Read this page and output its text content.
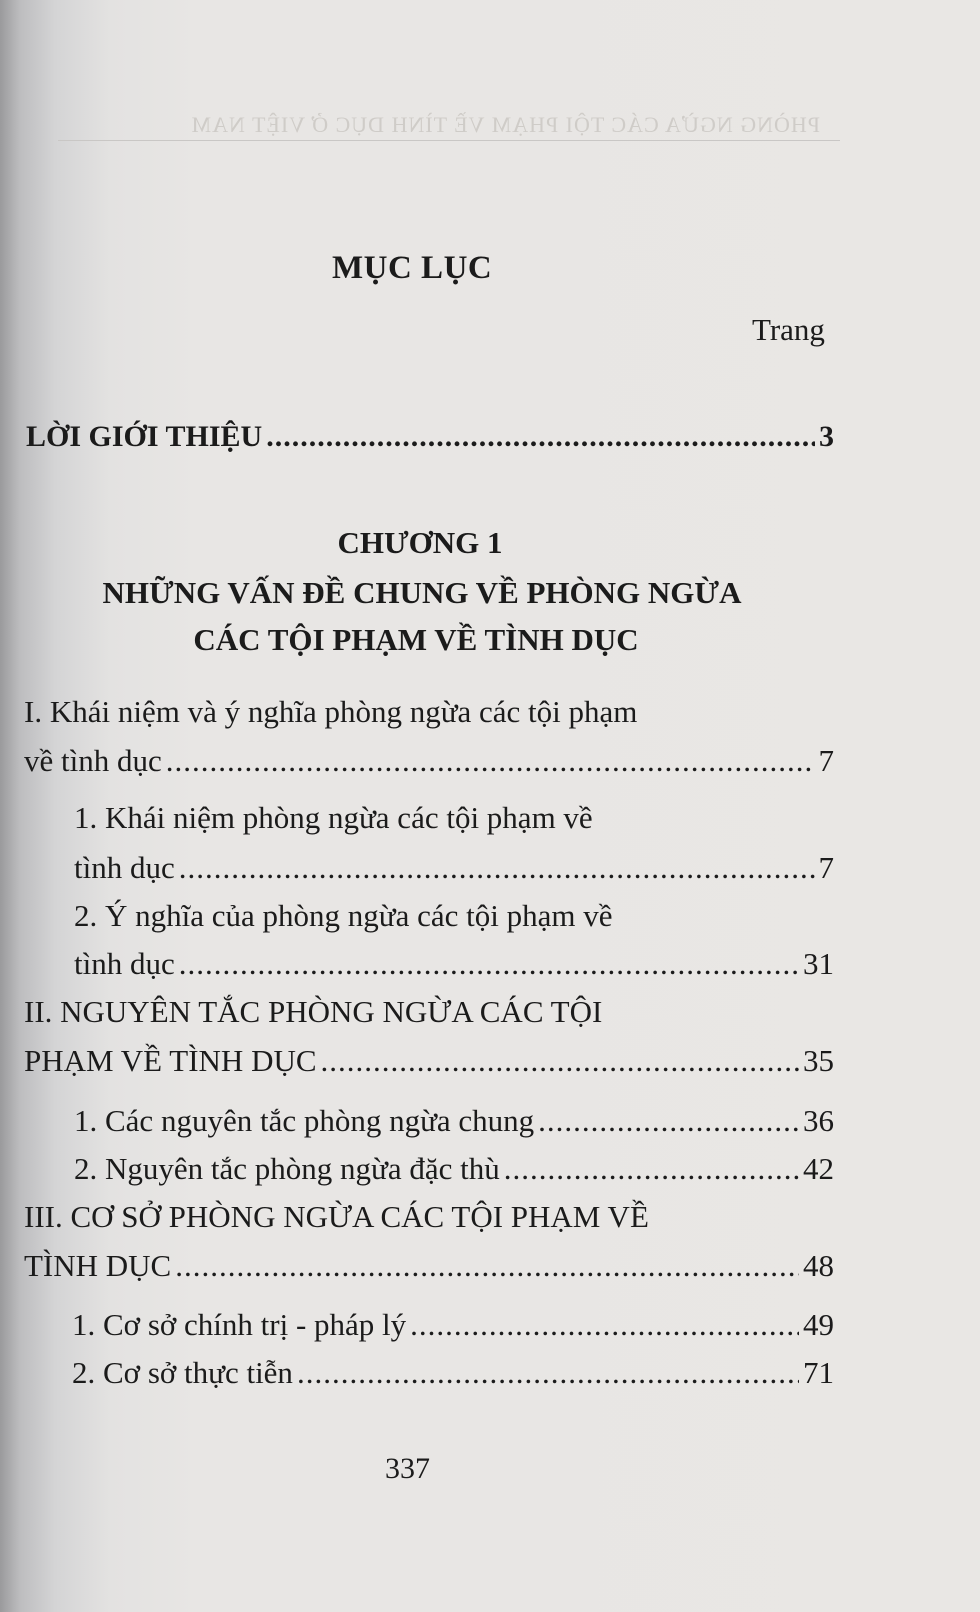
PHÒNG NGỪA CÁC TỘI PHẠM VỀ TÌNH DỤC Ở VIỆT NAM
MỤC LỤC
Trang
LỜI GIỚI THIỆU .....	3
CHƯƠNG 1
NHỮNG VẤN ĐỀ CHUNG VỀ PHÒNG NGỪA
CÁC TỘI PHẠM VỀ TÌNH DỤC
I. Khái niệm và ý nghĩa phòng ngừa các tội phạm
về tình dục .....	7
1. Khái niệm phòng ngừa các tội phạm về
tình dục .....	7
2. Ý nghĩa của phòng ngừa các tội phạm về
tình dục .....	31
II. NGUYÊN TẮC PHÒNG NGỪA CÁC TỘI
PHẠM VỀ TÌNH DỤC .....	35
1. Các nguyên tắc phòng ngừa chung .....	36
2. Nguyên tắc phòng ngừa đặc thù .....	42
III. CƠ SỞ PHÒNG NGỪA CÁC TỘI PHẠM VỀ
TÌNH DỤC .....	48
1. Cơ sở chính trị - pháp lý .....	49
2. Cơ sở thực tiễn .....	71
337
